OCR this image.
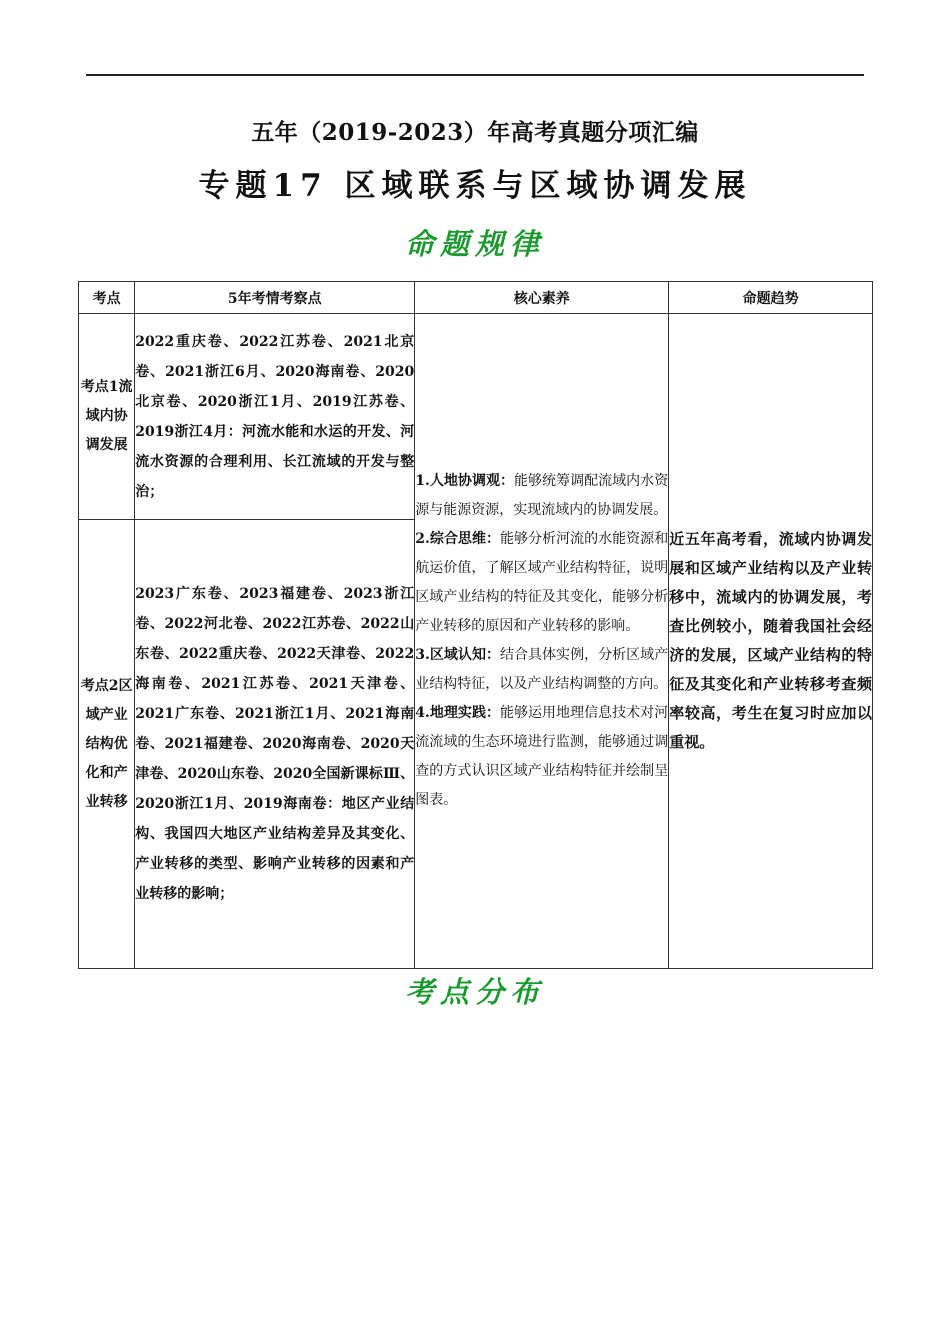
五年（2019-2023）年高考真题分项汇编
专题17 区域联系与区域协调发展
命题规律
考点	5年考情考察点	核心素养	命题趋势
考点1流域内协调发展	2022重庆卷、2022江苏卷、2021北京卷、2021浙江6月、2020海南卷、2020北京卷、2020浙江1月、2019江苏卷、2019浙江4月：河流水能和水运的开发、河流水资源的合理利用、长江流域的开发与整治；	1.人地协调观：能够统筹调配流域内水资源与能源资源，实现流域内的协调发展。
2.综合思维：能够分析河流的水能资源和航运价值，了解区域产业结构特征，说明区域产业结构的特征及其变化，能够分析产业转移的原因和产业转移的影响。
3.区域认知：结合具体实例，分析区域产业结构特征，以及产业结构调整的方向。
4.地理实践：能够运用地理信息技术对河流流域的生态环境进行监测，能够通过调查的方式认识区域产业结构特征并绘制呈图表。	近五年高考看，流域内协调发展和区域产业结构以及产业转移中，流域内的协调发展，考查比例较小，随着我国社会经济的发展，区域产业结构的特征及其变化和产业转移考查频率较高，考生在复习时应加以重视。
考点2区域产业结构优化和产业转移	2023广东卷、2023福建卷、2023浙江卷、2022河北卷、2022江苏卷、2022山东卷、2022重庆卷、2022天津卷、2022海南卷、2021江苏卷、2021天津卷、2021广东卷、2021浙江1月、2021海南卷、2021福建卷、2020海南卷、2020天津卷、2020山东卷、2020全国新课标Ⅲ、2020浙江1月、2019海南卷：地区产业结构、我国四大地区产业结构差异及其变化、产业转移的类型、影响产业转移的因素和产业转移的影响；		
考点分布
